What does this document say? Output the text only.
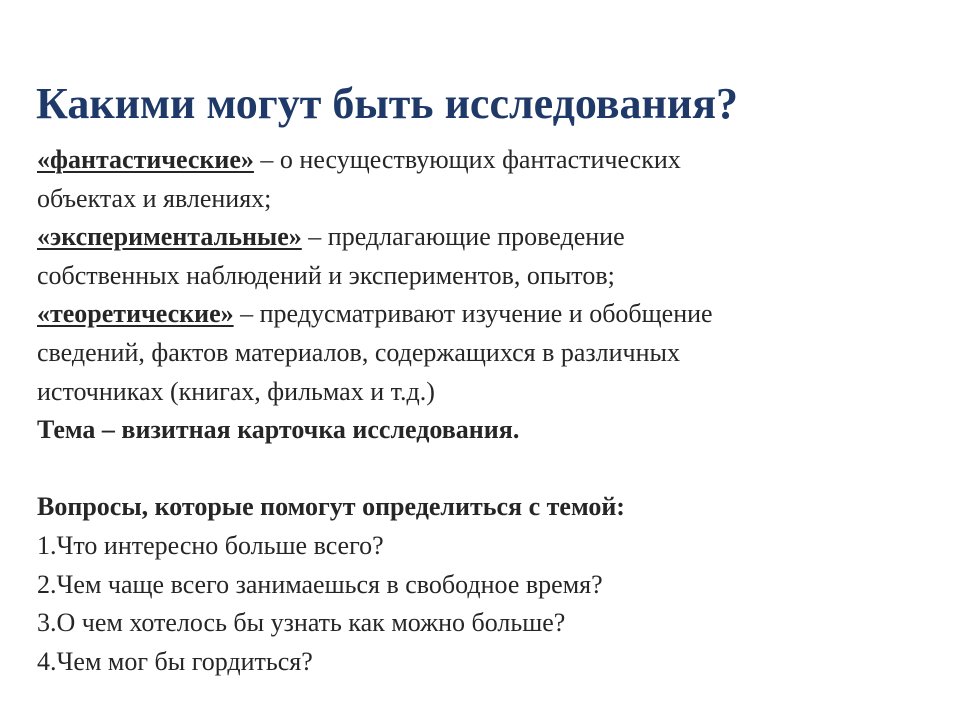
Какими могут быть исследования?
«фантастические» – о несуществующих фантастических
объектах и явлениях;
«экспериментальные» – предлагающие проведение
собственных наблюдений и экспериментов, опытов;
«теоретические» – предусматривают изучение и обобщение
сведений, фактов материалов, содержащихся в различных
источниках (книгах, фильмах и т.д.)
Тема – визитная карточка исследования.
Вопросы, которые помогут определиться с темой:
1.Что интересно больше всего?
2.Чем чаще всего занимаешься в свободное время?
3.О чем хотелось бы узнать как можно больше?
4.Чем мог бы гордиться?
